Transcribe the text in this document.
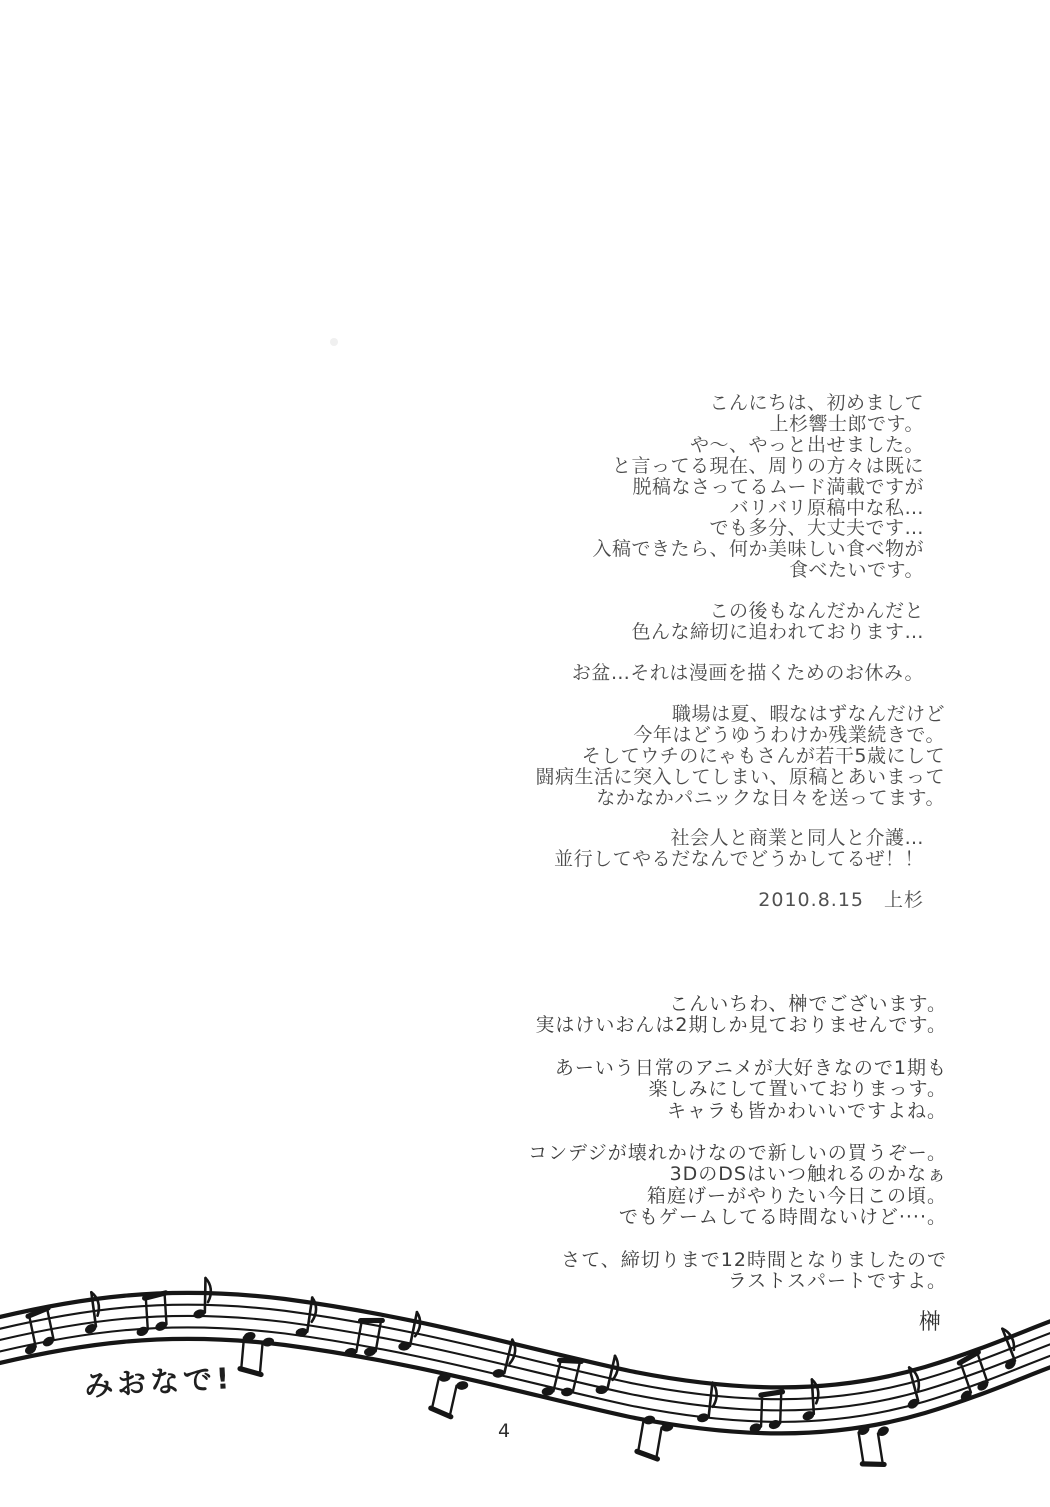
こんにちは、初めまして
上杉響士郎です。
や〜、やっと出せました。
と言ってる現在、周りの方々は既に
脱稿なさってるムード満載ですが
バリバリ原稿中な私…
でも多分、大丈夫です…
入稿できたら、何か美味しい食べ物が
食べたいです。
この後もなんだかんだと
色んな締切に追われております…
お盆…それは漫画を描くためのお休み。
職場は夏、暇なはずなんだけど
今年はどうゆうわけか残業続きで。
そしてウチのにゃもさんが若干5歳にして
闘病生活に突入してしまい、原稿とあいまって
なかなかパニックな日々を送ってます。
社会人と商業と同人と介護…
並行してやるだなんでどうかしてるぜ！！
2010.8.15　上杉
こんいちわ、榊でございます。
実はけいおんは2期しか見ておりませんです。
あーいう日常のアニメが大好きなので1期も
楽しみにして置いておりまっす。
キャラも皆かわいいですよね。
コンデジが壊れかけなので新しいの買うぞー。
3DのDSはいつ触れるのかなぁ
箱庭げーがやりたい今日この頃。
でもゲームしてる時間ないけど····。
さて、締切りまで12時間となりましたので
ラストスパートですよ。
榊
みおなで!
4
